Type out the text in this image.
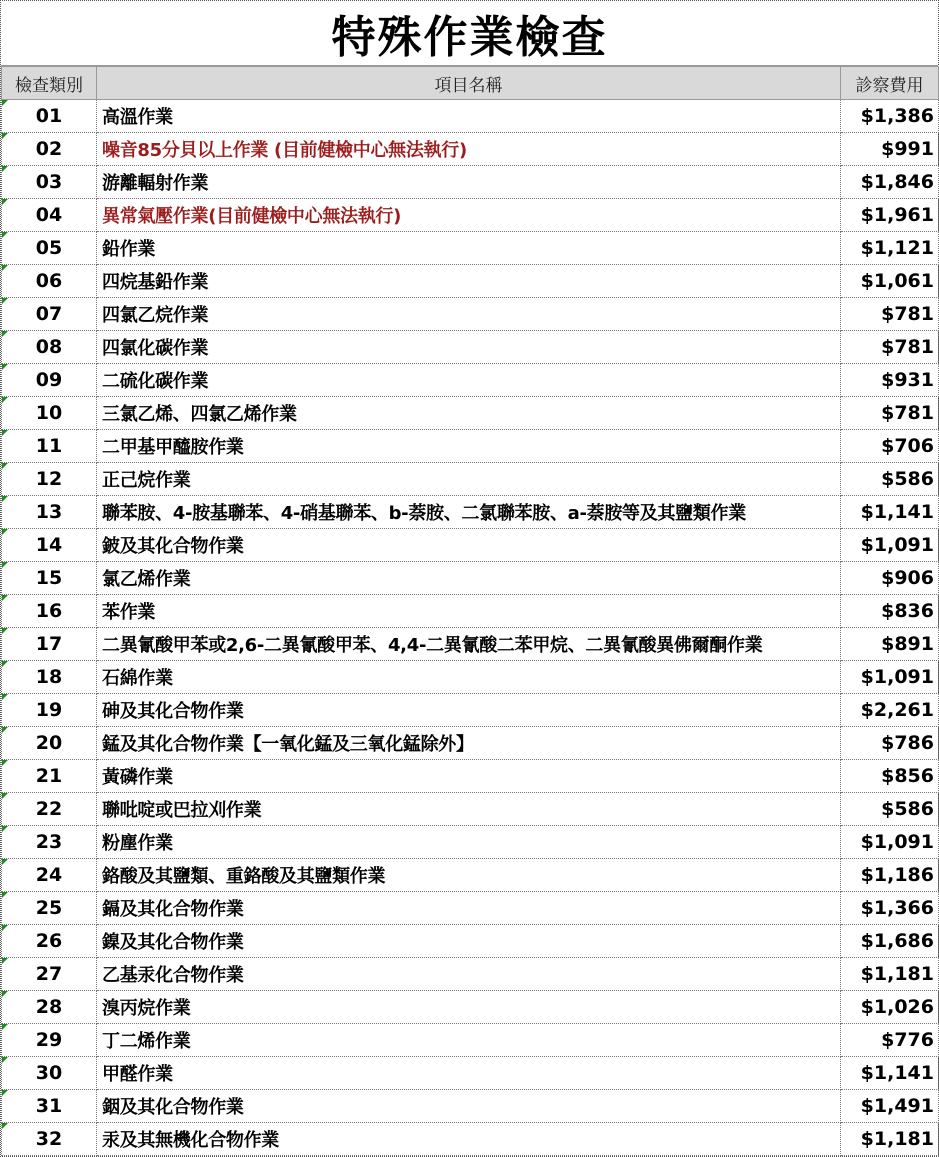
特殊作業檢查
檢查類別	項目名稱	診察費用
01	高溫作業	$1,386
02	噪音85分貝以上作業 (目前健檢中心無法執行)	$991
03	游離輻射作業	$1,846
04	異常氣壓作業(目前健檢中心無法執行)	$1,961
05	鉛作業	$1,121
06	四烷基鉛作業	$1,061
07	四氯乙烷作業	$781
08	四氯化碳作業	$781
09	二硫化碳作業	$931
10	三氯乙烯、四氯乙烯作業	$781
11	二甲基甲醯胺作業	$706
12	正己烷作業	$586
13	聯苯胺、4-胺基聯苯、4-硝基聯苯、b-萘胺、二氯聯苯胺、a-萘胺等及其鹽類作業	$1,141
14	鈹及其化合物作業	$1,091
15	氯乙烯作業	$906
16	苯作業	$836
17	二異氰酸甲苯或2,6-二異氰酸甲苯、4,4-二異氰酸二苯甲烷、二異氰酸異佛爾酮作業	$891
18	石綿作業	$1,091
19	砷及其化合物作業	$2,261
20	錳及其化合物作業【一氧化錳及三氧化錳除外】	$786
21	黃磷作業	$856
22	聯吡啶或巴拉刈作業	$586
23	粉塵作業	$1,091
24	鉻酸及其鹽類、重鉻酸及其鹽類作業	$1,186
25	鎘及其化合物作業	$1,366
26	鎳及其化合物作業	$1,686
27	乙基汞化合物作業	$1,181
28	溴丙烷作業	$1,026
29	丁二烯作業	$776
30	甲醛作業	$1,141
31	銦及其化合物作業	$1,491
32	汞及其無機化合物作業	$1,181
